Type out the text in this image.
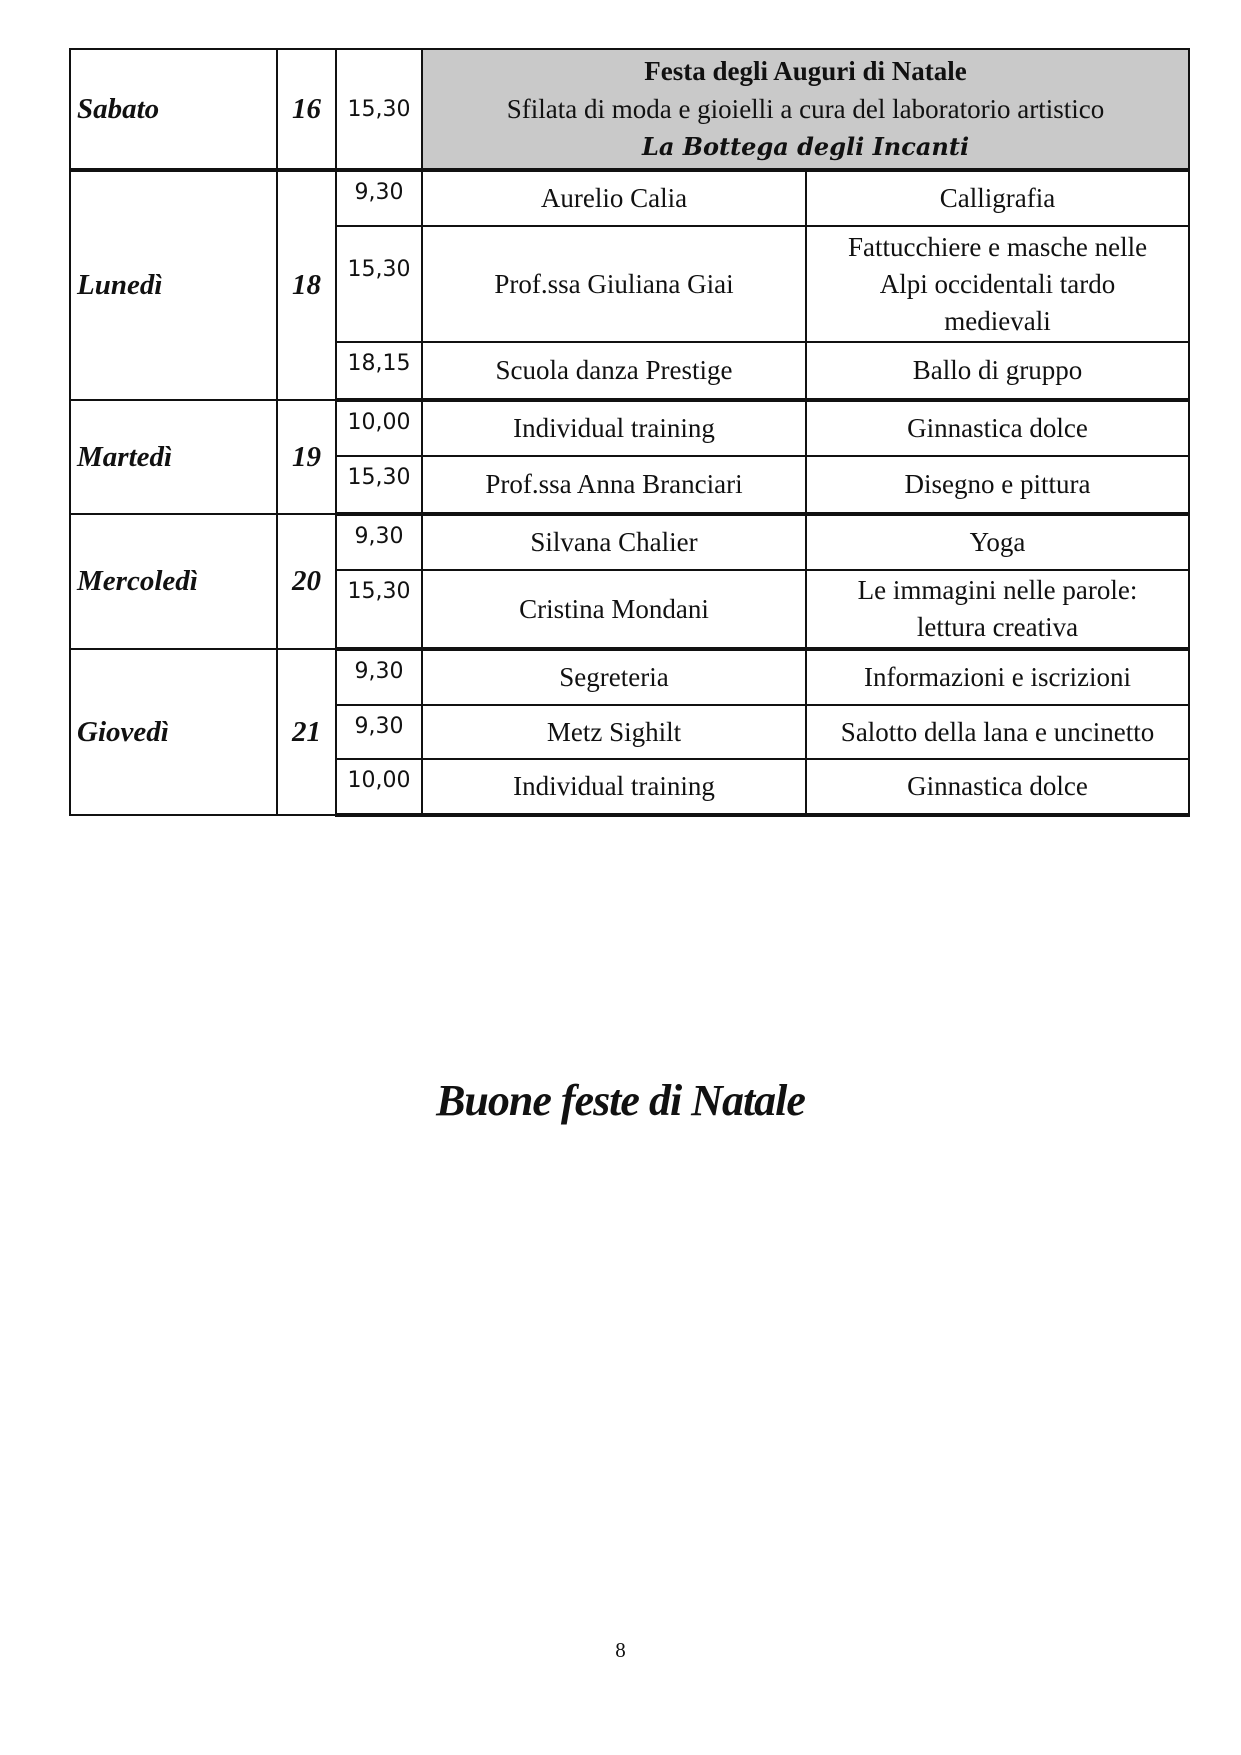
Sabato	16	15,30	Festa degli Auguri di Natale
Sfilata di moda e gioielli a cura del laboratorio artistico
La Bottega degli Incanti	

Lunedì	18	9,30	Aurelio Calia	Calligrafia
		15,30	Prof.ssa Giuliana Giai	Fattucchiere e masche nelle Alpi occidentali tardo medievali
		18,15	Scuola danza Prestige	Ballo di gruppo
Martedì	19	10,00	Individual training	Ginnastica dolce
		15,30	Prof.ssa Anna Branciari	Disegno e pittura
Mercoledì	20	9,30	Silvana Chalier	Yoga
		15,30	Cristina Mondani	Le immagini nelle parole: lettura creativa
Giovedì	21	9,30	Segreteria	Informazioni e iscrizioni
		9,30	Metz Sighilt	Salotto della lana e uncinetto
		10,00	Individual training	Ginnastica dolce
Buone feste di Natale
8
